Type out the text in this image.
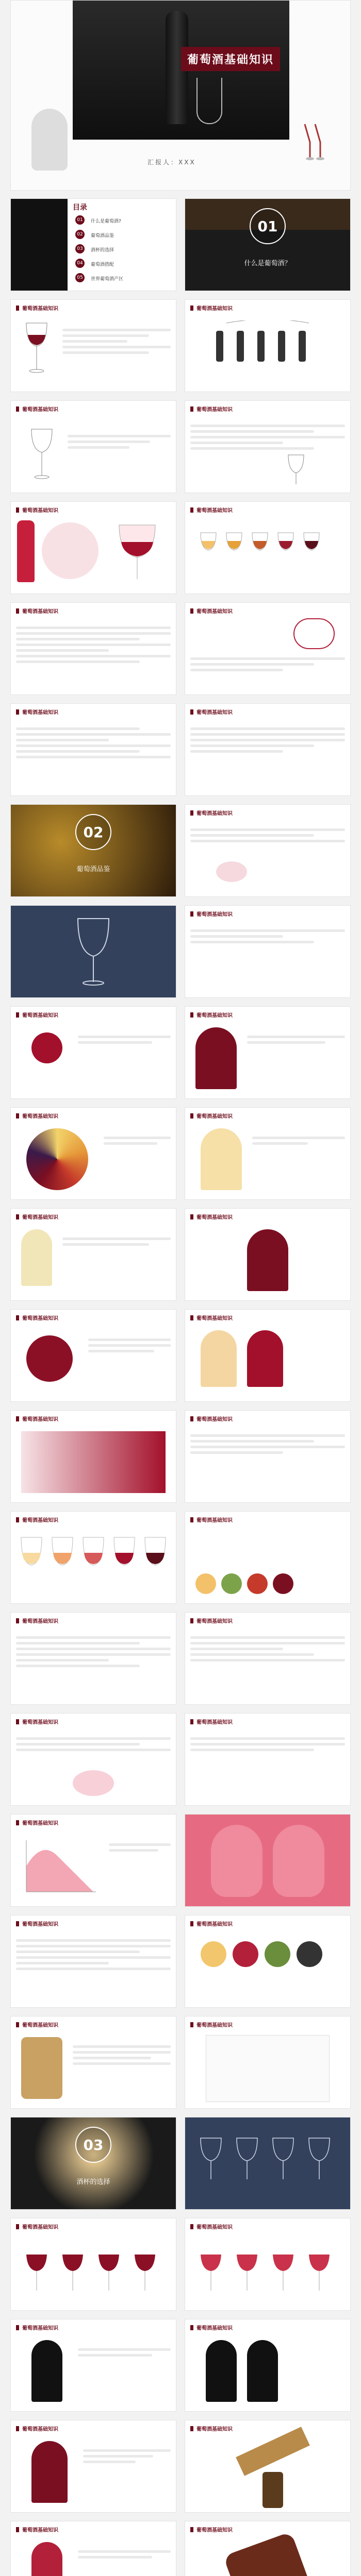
葡萄酒基础知识
汇报人：XXX
目录
01	什么是葡萄酒?
02	葡萄酒品鉴
03	酒杯的选择
04	葡萄酒搭配
05	世界葡萄酒产区
01
什么是葡萄酒？
葡萄酒基础知识	葡萄酒基础知识
葡萄酒基础知识	葡萄酒基础知识
葡萄酒基础知识	葡萄酒基础知识
葡萄酒基础知识	葡萄酒基础知识
葡萄酒基础知识	葡萄酒基础知识
02
葡萄酒品鉴
葡萄酒基础知识
葡萄酒基础知识
葡萄酒基础知识	葡萄酒基础知识
葡萄酒基础知识	葡萄酒基础知识
葡萄酒基础知识	葡萄酒基础知识
葡萄酒基础知识	葡萄酒基础知识
葡萄酒基础知识	葡萄酒基础知识
葡萄酒基础知识	葡萄酒基础知识
葡萄酒基础知识	葡萄酒基础知识
葡萄酒基础知识	葡萄酒基础知识
葡萄酒基础知识
葡萄酒基础知识	葡萄酒基础知识
葡萄酒基础知识	葡萄酒基础知识
03
酒杯的选择
葡萄酒基础知识	葡萄酒基础知识
葡萄酒基础知识	葡萄酒基础知识
葡萄酒基础知识	葡萄酒基础知识
葡萄酒基础知识	葡萄酒基础知识
